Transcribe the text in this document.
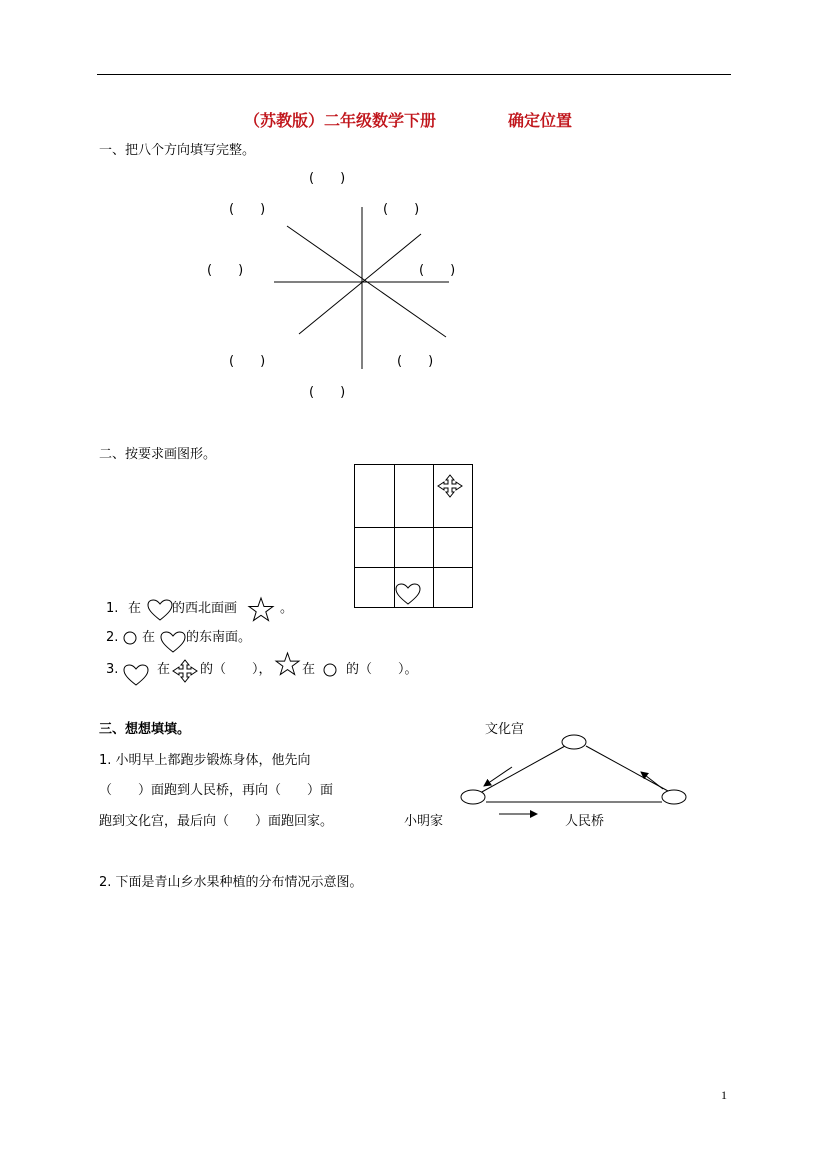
（苏教版）二年级数学下册	确定位置
一、把八个方向填写完整。
(　　)
(　　)	(　　)
(　　)	(　　)
(　　)	(　　)
(　　)
二、按要求画图形。
1. 在 的西北面画	。
2. 在 的东南面。
3.	在 的（　　）， 在 的（　　）。
三、想想填填。
1. 小明早上都跑步锻炼身体，他先向
（　　）面跑到人民桥，再向（　　）面
跑到文化宫，最后向（　　）面跑回家。
文化宫
小明家	人民桥
2. 下面是青山乡水果种植的分布情况示意图。
1
